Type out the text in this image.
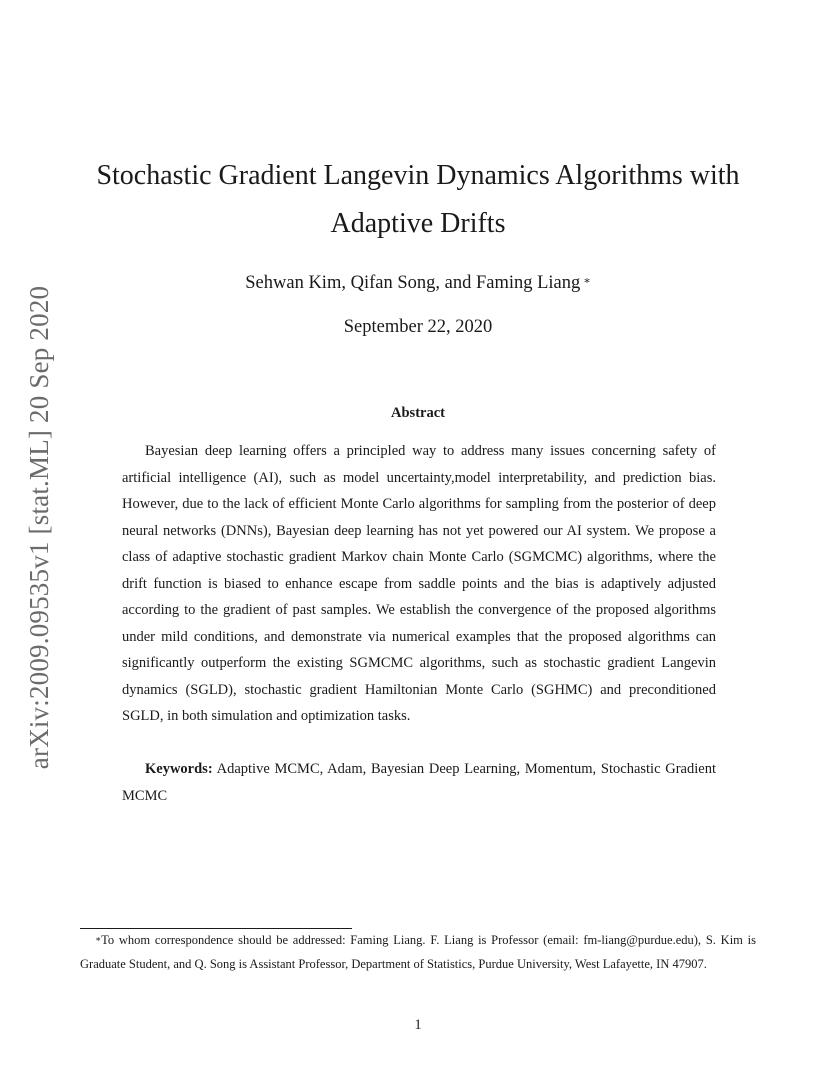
arXiv:2009.09535v1 [stat.ML] 20 Sep 2020
Stochastic Gradient Langevin Dynamics Algorithms with
Adaptive Drifts
Sehwan Kim, Qifan Song, and Faming Liang ∗
September 22, 2020
Abstract

Bayesian deep learning offers a principled way to address many issues concerning safety of artificial intelligence (AI), such as model uncertainty,model interpretability, and prediction bias. However, due to the lack of efficient Monte Carlo algorithms for sampling from the posterior of deep neural networks (DNNs), Bayesian deep learning has not yet powered our AI system. We propose a class of adaptive stochastic gradient Markov chain Monte Carlo (SGMCMC) algorithms, where the drift function is biased to enhance escape from saddle points and the bias is adaptively adjusted according to the gradient of past samples. We establish the convergence of the proposed algorithms under mild conditions, and demonstrate via numerical examples that the proposed algorithms can significantly outperform the existing SGMCMC algorithms, such as stochastic gradient Langevin dynamics (SGLD), stochastic gradient Hamiltonian Monte Carlo (SGHMC) and preconditioned SGLD, in both simulation and optimization tasks.

Keywords: Adaptive MCMC, Adam, Bayesian Deep Learning, Momentum, Stochastic Gradient MCMC

∗To whom correspondence should be addressed: Faming Liang. F. Liang is Professor (email: fm-liang@purdue.edu), S. Kim is Graduate Student, and Q. Song is Assistant Professor, Department of Statistics, Purdue University, West Lafayette, IN 47907.

1
